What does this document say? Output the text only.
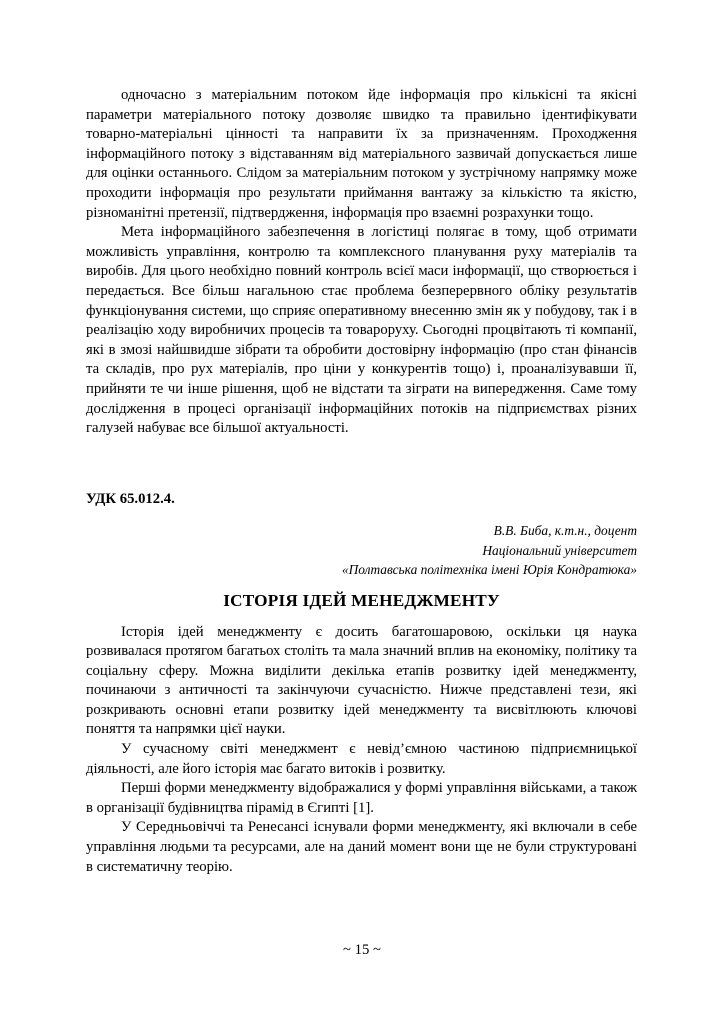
одночасно з матеріальним потоком йде інформація про кількісні та якісні параметри матеріального потоку дозволяє швидко та правильно ідентифікувати товарно-матеріальні цінності та направити їх за призначенням. Проходження інформаційного потоку з відставанням від матеріального зазвичай допускається лише для оцінки останнього. Слідом за матеріальним потоком у зустрічному напрямку може проходити інформація про результати приймання вантажу за кількістю та якістю, різноманітні претензії, підтвердження, інформація про взаємні розрахунки тощо.

Мета інформаційного забезпечення в логістиці полягає в тому, щоб отримати можливість управління, контролю та комплексного планування руху матеріалів та виробів. Для цього необхідно повний контроль всієї маси інформації, що створюється і передається. Все більш нагальною стає проблема безперервного обліку результатів функціонування системи, що сприяє оперативному внесенню змін як у побудову, так і в реалізацію ходу виробничих процесів та товароруху. Сьогодні процвітають ті компанії, які в змозі найшвидше зібрати та обробити достовірну інформацію (про стан фінансів та складів, про рух матеріалів, про ціни у конкурентів тощо) і, проаналізувавши її, прийняти те чи інше рішення, щоб не відстати та зіграти на випередження. Саме тому дослідження в процесі організації інформаційних потоків на підприємствах різних галузей набуває все більшої актуальності.

УДК 65.012.4.

В.В. Биба, к.т.н., доцент

Національний університет

«Полтавська політехніка імені Юрія Кондратюка»

ІСТОРІЯ ІДЕЙ МЕНЕДЖМЕНТУ

Історія ідей менеджменту є досить багатошаровою, оскільки ця наука розвивалася протягом багатьох століть та мала значний вплив на економіку, політику та соціальну сферу. Можна виділити декілька етапів розвитку ідей менеджменту, починаючи з античності та закінчуючи сучасністю. Нижче представлені тези, які розкривають основні етапи розвитку ідей менеджменту та висвітлюють ключові поняття та напрямки цієї науки.

У сучасному світі менеджмент є невід’ємною частиною підприємницької діяльності, але його історія має багато витоків і розвитку.

Перші форми менеджменту відображалися у формі управління військами, а також в організації будівництва пірамід в Єгипті [1].

У Середньовіччі та Ренесансі існували форми менеджменту, які включали в себе управління людьми та ресурсами, але на даний момент вони ще не були структуровані в систематичну теорію.

~ 15 ~
